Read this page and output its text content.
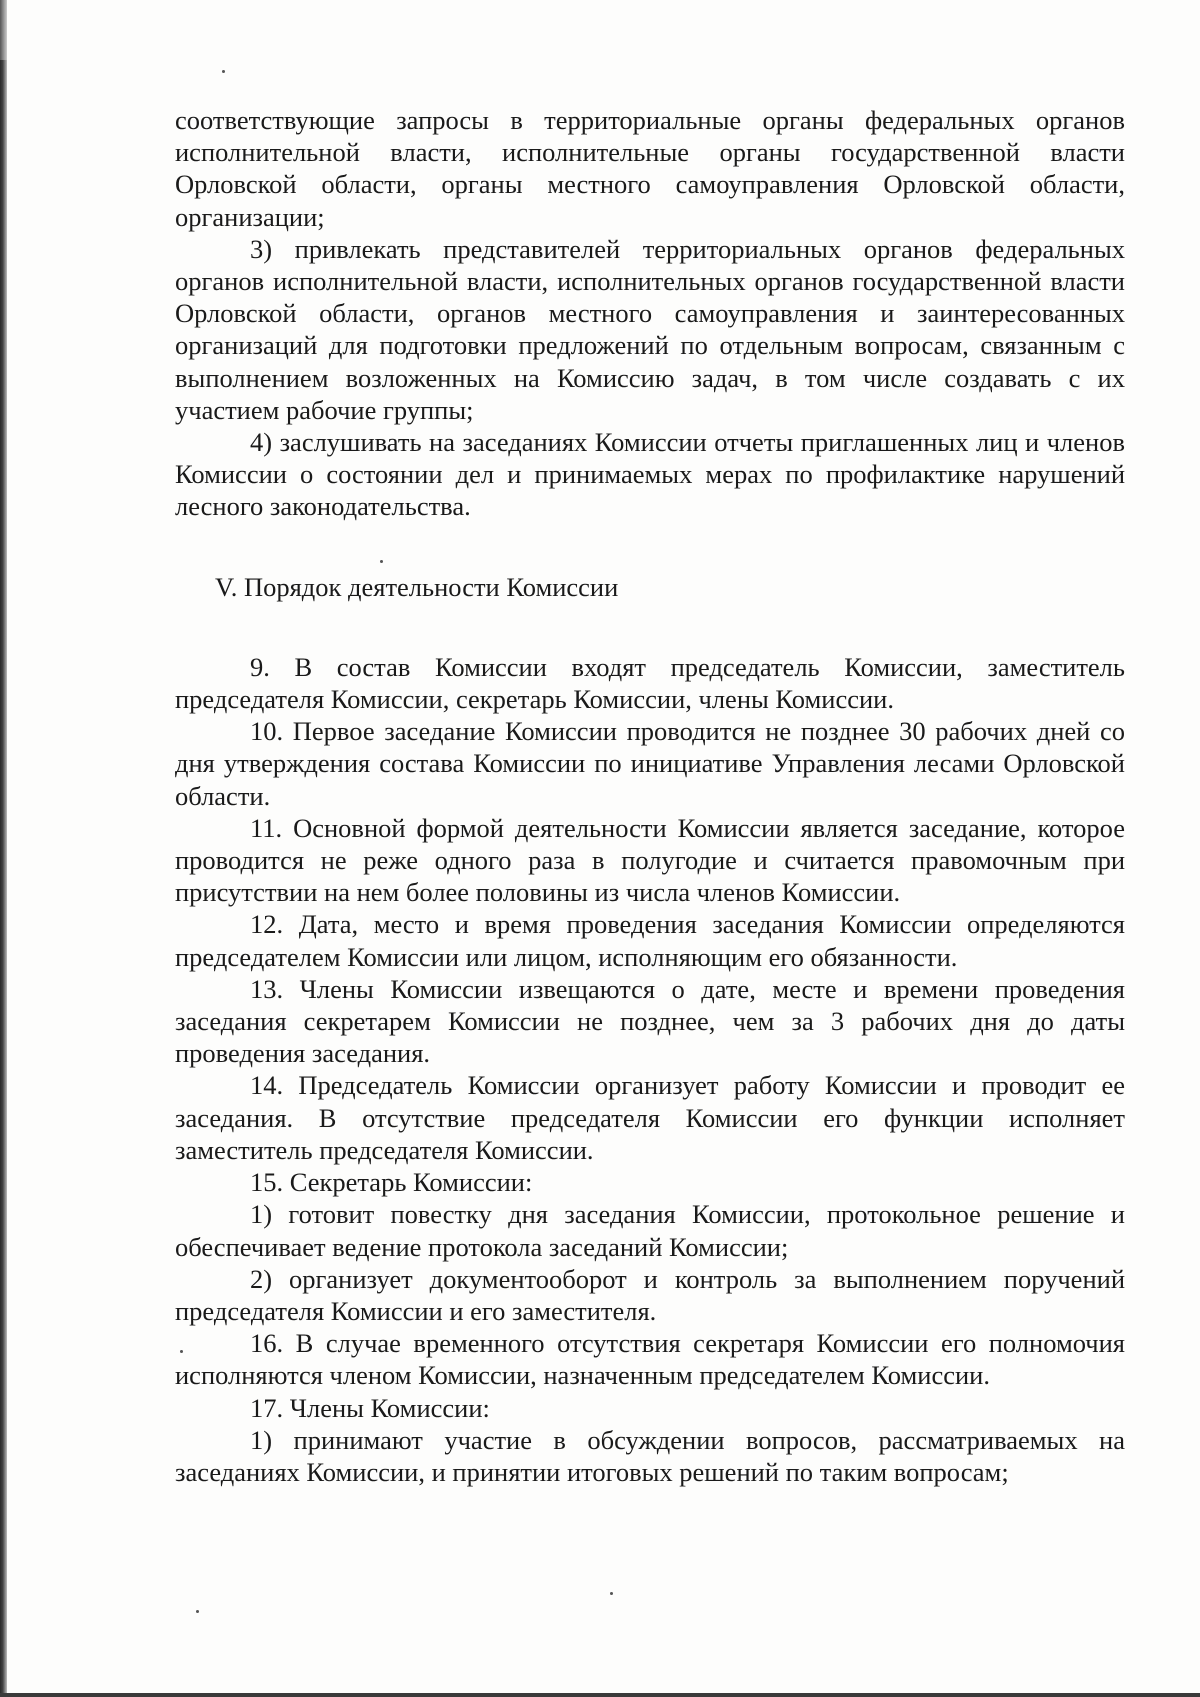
соответствующие запросы в территориальные органы федеральных органов исполнительной власти, исполнительные органы государственной власти Орловской области, органы местного самоуправления Орловской области, организации;

3) привлекать представителей территориальных органов федеральных органов исполнительной власти, исполнительных органов государственной власти Орловской области, органов местного самоуправления и заинтересованных организаций для подготовки предложений по отдельным вопросам, связанным с выполнением возложенных на Комиссию задач, в том числе создавать с их участием рабочие группы;

4) заслушивать на заседаниях Комиссии отчеты приглашенных лиц и членов Комиссии о состоянии дел и принимаемых мерах по профилактике нарушений лесного законодательства.

V. Порядок деятельности Комиссии

9. В состав Комиссии входят председатель Комиссии, заместитель председателя Комиссии, секретарь Комиссии, члены Комиссии.

10. Первое заседание Комиссии проводится не позднее 30 рабочих дней со дня утверждения состава Комиссии по инициативе Управления лесами Орловской области.

11. Основной формой деятельности Комиссии является заседание, которое проводится не реже одного раза в полугодие и считается правомочным при присутствии на нем более половины из числа членов Комиссии.

12. Дата, место и время проведения заседания Комиссии определяются председателем Комиссии или лицом, исполняющим его обязанности.

13. Члены Комиссии извещаются о дате, месте и времени проведения заседания секретарем Комиссии не позднее, чем за 3 рабочих дня до даты проведения заседания.

14. Председатель Комиссии организует работу Комиссии и проводит ее заседания. В отсутствие председателя Комиссии его функции исполняет заместитель председателя Комиссии.

15. Секретарь Комиссии:

1) готовит повестку дня заседания Комиссии, протокольное решение и обеспечивает ведение протокола заседаний Комиссии;

2) организует документооборот и контроль за выполнением поручений председателя Комиссии и его заместителя.

16. В случае временного отсутствия секретаря Комиссии его полномочия исполняются членом Комиссии, назначенным председателем Комиссии.

17. Члены Комиссии:

1) принимают участие в обсуждении вопросов, рассматриваемых на заседаниях Комиссии, и принятии итоговых решений по таким вопросам;
